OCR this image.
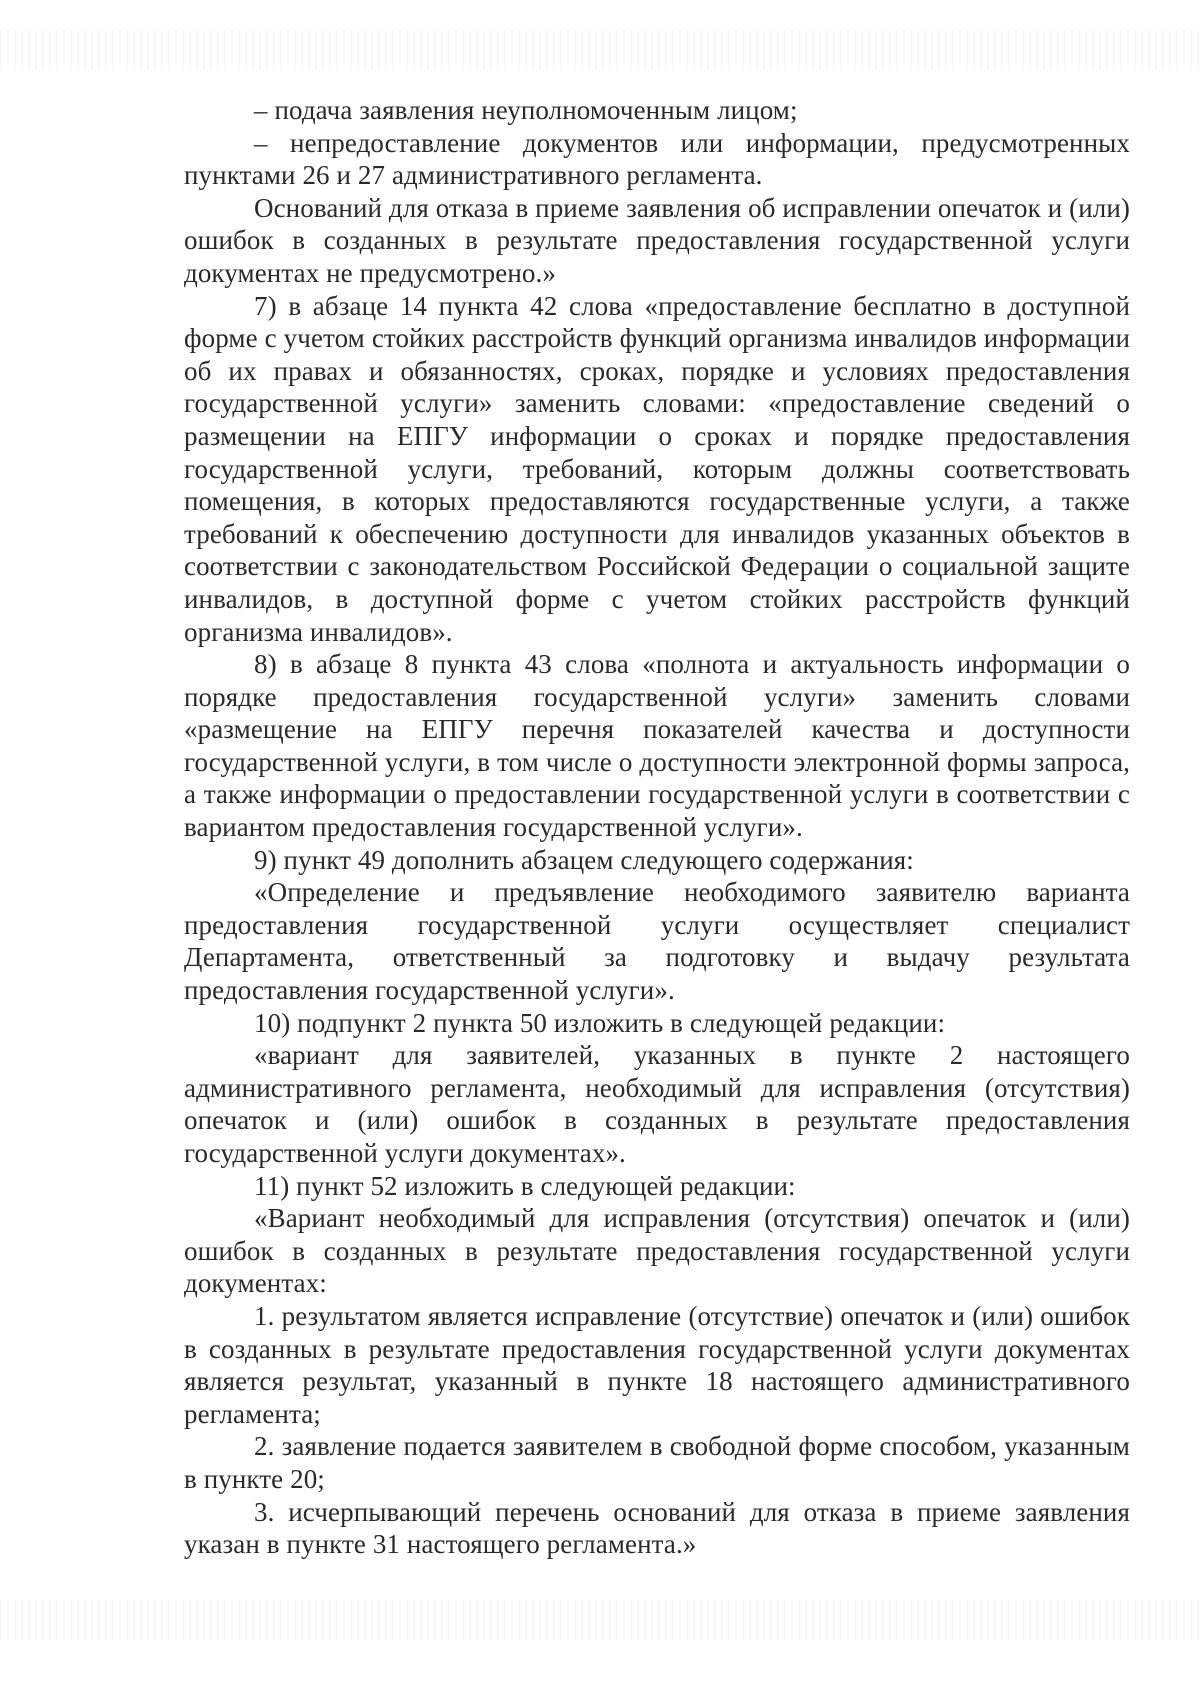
– подача заявления неуполномоченным лицом;

– непредоставление документов или информации, предусмотренных пунктами 26 и 27 административного регламента.

Оснований для отказа в приеме заявления об исправлении опечаток и (или) ошибок в созданных в результате предоставления государственной услуги документах не предусмотрено.»

7) в абзаце 14 пункта 42 слова «предоставление бесплатно в доступной форме с учетом стойких расстройств функций организма инвалидов информации об их правах и обязанностях, сроках, порядке и условиях предоставления государственной услуги» заменить словами: «предоставление сведений о размещении на ЕПГУ информации о сроках и порядке предоставления государственной услуги, требований, которым должны соответствовать помещения, в которых предоставляются государственные услуги, а также требований к обеспечению доступности для инвалидов указанных объектов в соответствии с законодательством Российской Федерации о социальной защите инвалидов, в доступной форме с учетом стойких расстройств функций организма инвалидов».

8) в абзаце 8 пункта 43 слова «полнота и актуальность информации о порядке предоставления государственной услуги» заменить словами «размещение на ЕПГУ перечня показателей качества и доступности государственной услуги, в том числе о доступности электронной формы запроса, а также информации о предоставлении государственной услуги в соответствии с вариантом предоставления государственной услуги».

9) пункт 49 дополнить абзацем следующего содержания:

«Определение и предъявление необходимого заявителю варианта предоставления государственной услуги осуществляет специалист Департамента, ответственный за подготовку и выдачу результата предоставления государственной услуги».

10) подпункт 2 пункта 50 изложить в следующей редакции:

«вариант для заявителей, указанных в пункте 2 настоящего административного регламента, необходимый для исправления (отсутствия) опечаток и (или) ошибок в созданных в результате предоставления государственной услуги документах».

11) пункт 52 изложить в следующей редакции:

«Вариант необходимый для исправления (отсутствия) опечаток и (или) ошибок в созданных в результате предоставления государственной услуги документах:

1. результатом является исправление (отсутствие) опечаток и (или) ошибок в созданных в результате предоставления государственной услуги документах является результат, указанный в пункте 18 настоящего административного регламента;

2. заявление подается заявителем в свободной форме способом, указанным в пункте 20;

3. исчерпывающий перечень оснований для отказа в приеме заявления указан в пункте 31 настоящего регламента.»
